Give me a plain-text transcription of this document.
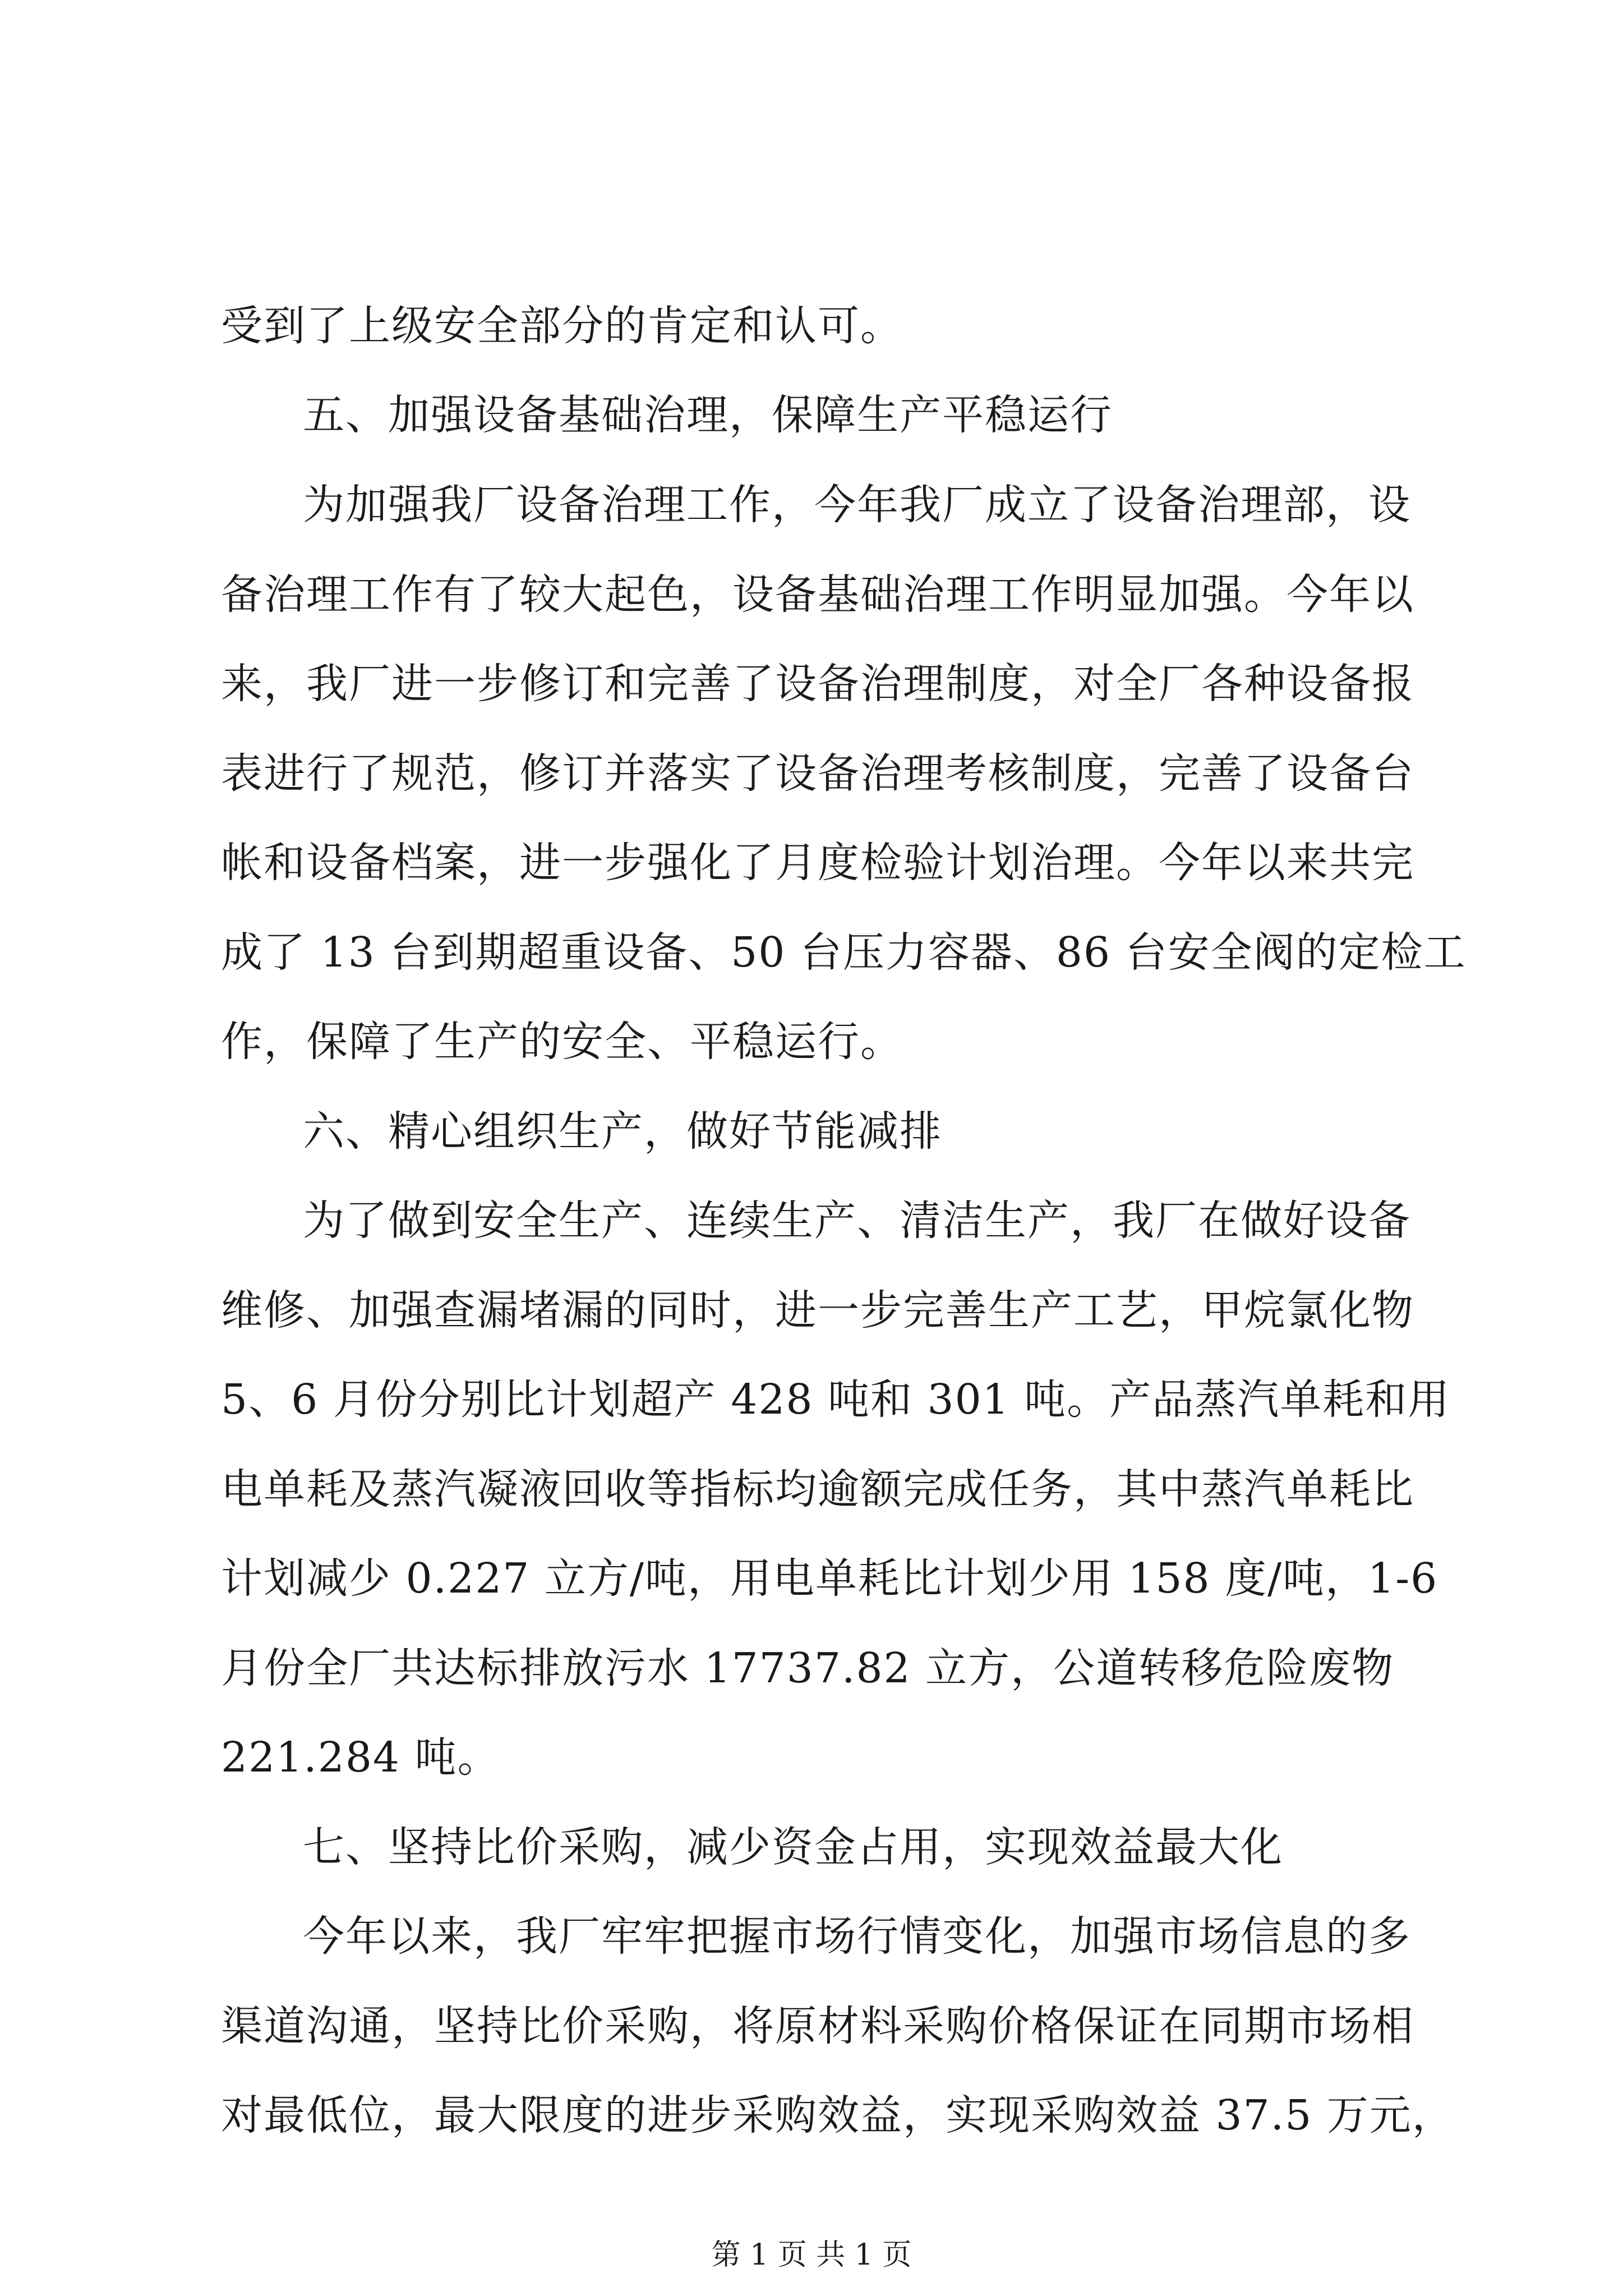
受到了上级安全部分的肯定和认可。
五、加强设备基础治理，保障生产平稳运行
为加强我厂设备治理工作，今年我厂成立了设备治理部，设
备治理工作有了较大起色，设备基础治理工作明显加强。今年以
来，我厂进一步修订和完善了设备治理制度，对全厂各种设备报
表进行了规范，修订并落实了设备治理考核制度，完善了设备台
帐和设备档案，进一步强化了月度检验计划治理。今年以来共完
成了 13 台到期超重设备、50 台压力容器、86 台安全阀的定检工
作，保障了生产的安全、平稳运行。
六、精心组织生产，做好节能减排
为了做到安全生产、连续生产、清洁生产，我厂在做好设备
维修、加强查漏堵漏的同时，进一步完善生产工艺，甲烷氯化物
5、6 月份分别比计划超产 428 吨和 301 吨。产品蒸汽单耗和用
电单耗及蒸汽凝液回收等指标均逾额完成任务，其中蒸汽单耗比
计划减少 0.227 立方/吨，用电单耗比计划少用 158 度/吨，1-6
月份全厂共达标排放污水 17737.82 立方，公道转移危险废物
221.284 吨。
七、坚持比价采购，减少资金占用，实现效益最大化
今年以来，我厂牢牢把握市场行情变化，加强市场信息的多
渠道沟通，坚持比价采购，将原材料采购价格保证在同期市场相
对最低位，最大限度的进步采购效益，实现采购效益 37.5 万元，
第 1 页 共 1 页
